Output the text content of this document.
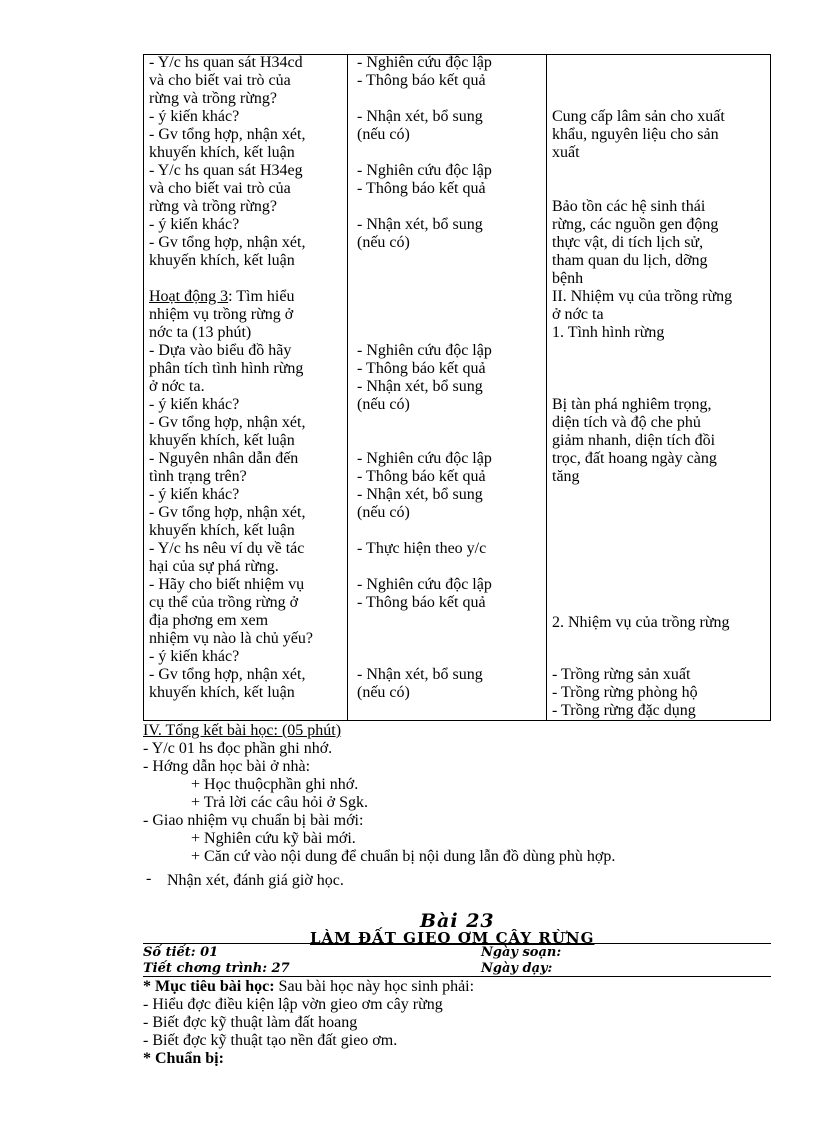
- Y/c hs quan sát H34cd
và cho biết vai trò của
rừng và trồng rừng?
- ý kiến khác?
- Gv tổng hợp, nhận xét,
khuyến khích, kết luận
- Y/c hs quan sát H34eg
và cho biết vai trò của
rừng và trồng rừng?
- ý kiến khác?
- Gv tổng hợp, nhận xét,
khuyến khích, kết luận
Hoạt động 3: Tìm hiểu
nhiệm vụ trồng rừng ở
nớc ta (13 phút)
- Dựa vào biểu đồ hãy
phân tích tình hình rừng
ở nớc ta.
- ý kiến khác?
- Gv tổng hợp, nhận xét,
khuyến khích, kết luận
- Nguyên nhân dẫn đến
tình trạng trên?
- ý kiến khác?
- Gv tổng hợp, nhận xét,
khuyến khích, kết luận
- Y/c hs nêu ví dụ về tác
hại của sự phá rừng.
- Hãy cho biết nhiệm vụ
cụ thể của trồng rừng ở
địa phơng em xem
nhiệm vụ nào là chủ yếu?
- ý kiến khác?
- Gv tổng hợp, nhận xét,
khuyến khích, kết luận
- Nghiên cứu độc lập
- Thông báo kết quả
- Nhận xét, bổ sung
(nếu có)
- Nghiên cứu độc lập
- Thông báo kết quả
- Nhận xét, bổ sung
(nếu có)
- Nghiên cứu độc lập
- Thông báo kết quả
- Nhận xét, bổ sung
(nếu có)
- Nghiên cứu độc lập
- Thông báo kết quả
- Nhận xét, bổ sung
(nếu có)
- Thực hiện theo y/c
- Nghiên cứu độc lập
- Thông báo kết quả
- Nhận xét, bổ sung
(nếu có)
Cung cấp lâm sản cho xuất
khẩu, nguyên liệu cho sản
xuất
Bảo tồn các hệ sinh thái
rừng, các nguồn gen động
thực vật, di tích lịch sử,
tham quan du lịch, dỡng
bệnh
II. Nhiệm vụ của trồng rừng
ở nớc ta
1. Tình hình rừng
Bị tàn phá nghiêm trọng,
diện tích và độ che phủ
giảm nhanh, diện tích đồi
trọc, đất hoang ngày càng
tăng
2. Nhiệm vụ của trồng rừng
- Trồng rừng sản xuất
- Trồng rừng phòng hộ
- Trồng rừng đặc dụng
IV. Tổng kết bài học: (05 phút)
- Y/c 01 hs đọc phần ghi nhớ.
- Hớng dẫn học bài ở nhà:
+ Học thuộcphần ghi nhớ.
+ Trả lời các câu hỏi ở Sgk.
- Giao nhiệm vụ chuẩn bị bài mới:
+ Nghiên cứu kỹ bài mới.
+ Căn cứ vào nội dung để chuẩn bị nội dung lẫn đồ dùng phù hợp.
- Nhận xét, đánh giá giờ học.
Bài 23
LÀM ĐẤT GIEO ƠM CÂY RỪNG
Số tiết: 01	Ngày soạn:
Tiết chơng trình: 27	Ngày dạy:
* Mục tiêu bài học: Sau bài học này học sinh phải:
- Hiểu đợc điều kiện lập vờn gieo ơm cây rừng
- Biết đợc kỹ thuật làm đất hoang
- Biết đợc kỹ thuật tạo nền đất gieo ơm.
* Chuẩn bị:
